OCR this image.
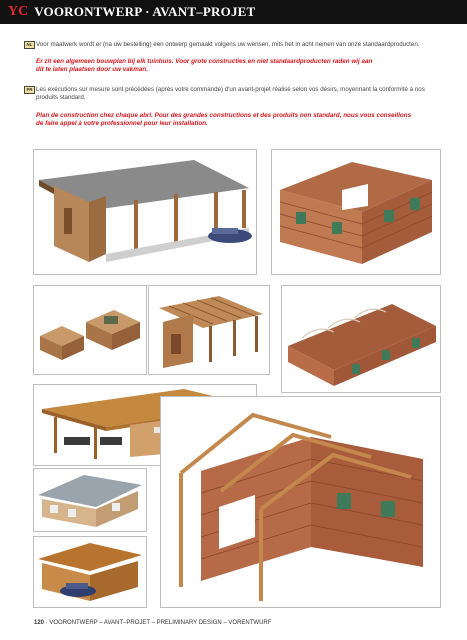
YC VOORONTWERP · AVANT–PROJET
NL Voor maatwerk wordt er (na uw bestelling) een ontwerp gemaakt volgens uw wensen, mits het in acht nemen van onze standaardproducten.
Er zit een algemeen bouwplan bij elk tuinhuis. Voor grote constructies en niet standaardproducten raden wij aan
dit te laten plaatsen door uw vakman.
FR Les exécutions sur mesure sont précédées (après votre commande) d'un avant-projet réalisé selon vos désirs, moyennant la conformité à nos
produits standard.
Plan de construction chez chaque abri. Pour des grandes constructions et des produits non standard, nous vous conseillons
de faire appel à votre professionnel pour leur installation.
120 · VOORONTWERP – AVANT–PROJET – PRELIMINARY DESIGN – VORENTWURF
